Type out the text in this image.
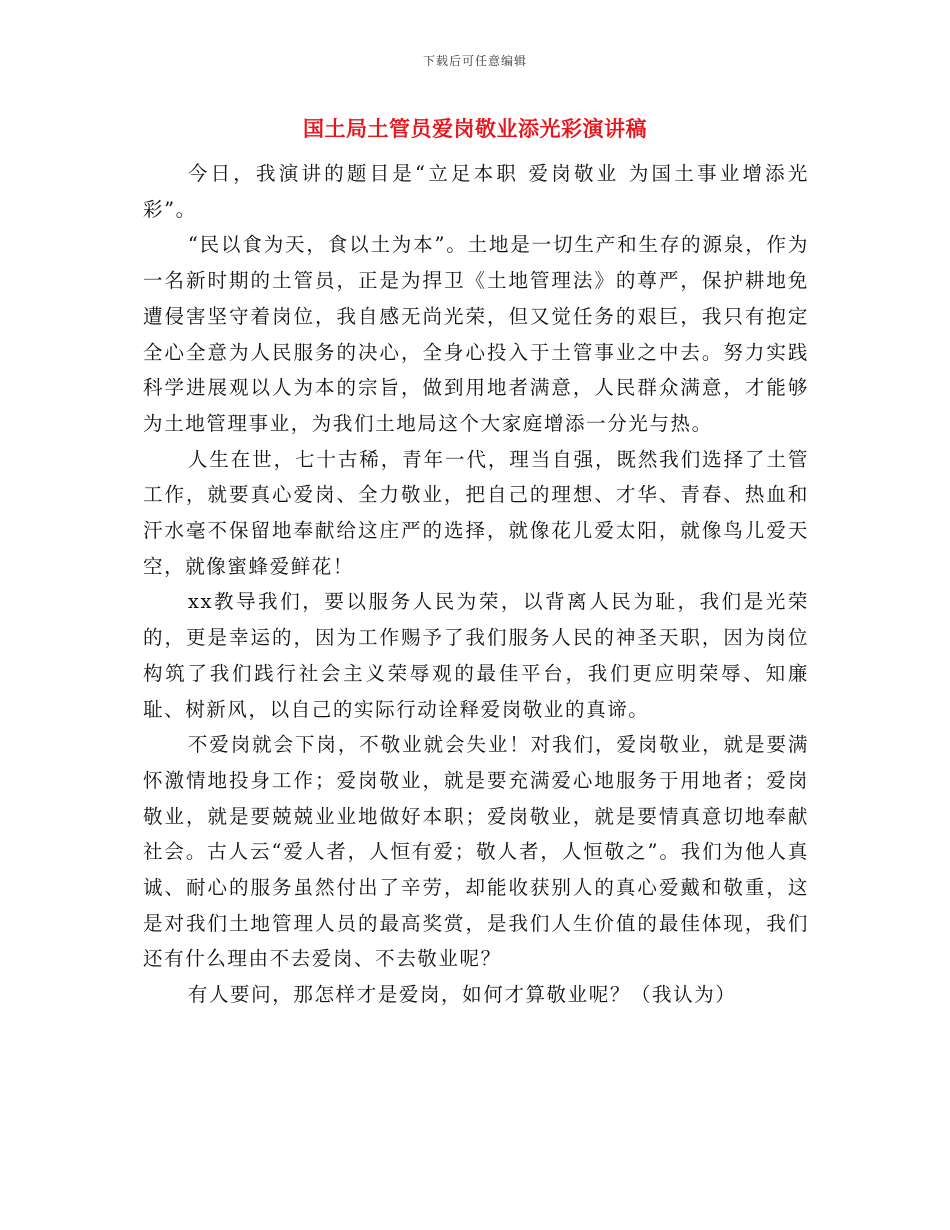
下载后可任意编辑
国土局土管员爱岗敬业添光彩演讲稿

今日，我演讲的题目是“立足本职 爱岗敬业 为国土事业增添光彩”。

“民以食为天，食以土为本”。土地是一切生产和生存的源泉，作为一名新时期的土管员，正是为捍卫《土地管理法》的尊严，保护耕地免遭侵害坚守着岗位，我自感无尚光荣，但又觉任务的艰巨，我只有抱定全心全意为人民服务的决心，全身心投入于土管事业之中去。努力实践科学进展观以人为本的宗旨，做到用地者满意，人民群众满意，才能够为土地管理事业，为我们土地局这个大家庭增添一分光与热。

人生在世，七十古稀，青年一代，理当自强，既然我们选择了土管工作，就要真心爱岗、全力敬业，把自己的理想、才华、青春、热血和汗水毫不保留地奉献给这庄严的选择，就像花儿爱太阳，就像鸟儿爱天空，就像蜜蜂爱鲜花！

xx教导我们，要以服务人民为荣，以背离人民为耻，我们是光荣的，更是幸运的，因为工作赐予了我们服务人民的神圣天职，因为岗位构筑了我们践行社会主义荣辱观的最佳平台，我们更应明荣辱、知廉耻、树新风，以自己的实际行动诠释爱岗敬业的真谛。

不爱岗就会下岗，不敬业就会失业！对我们，爱岗敬业，就是要满怀激情地投身工作；爱岗敬业，就是要充满爱心地服务于用地者；爱岗敬业，就是要兢兢业业地做好本职；爱岗敬业，就是要情真意切地奉献社会。古人云“爱人者，人恒有爱；敬人者，人恒敬之”。我们为他人真诚、耐心的服务虽然付出了辛劳，却能收获别人的真心爱戴和敬重，这是对我们土地管理人员的最高奖赏，是我们人生价值的最佳体现，我们还有什么理由不去爱岗、不去敬业呢？

有人要问，那怎样才是爱岗，如何才算敬业呢？（我认为）
